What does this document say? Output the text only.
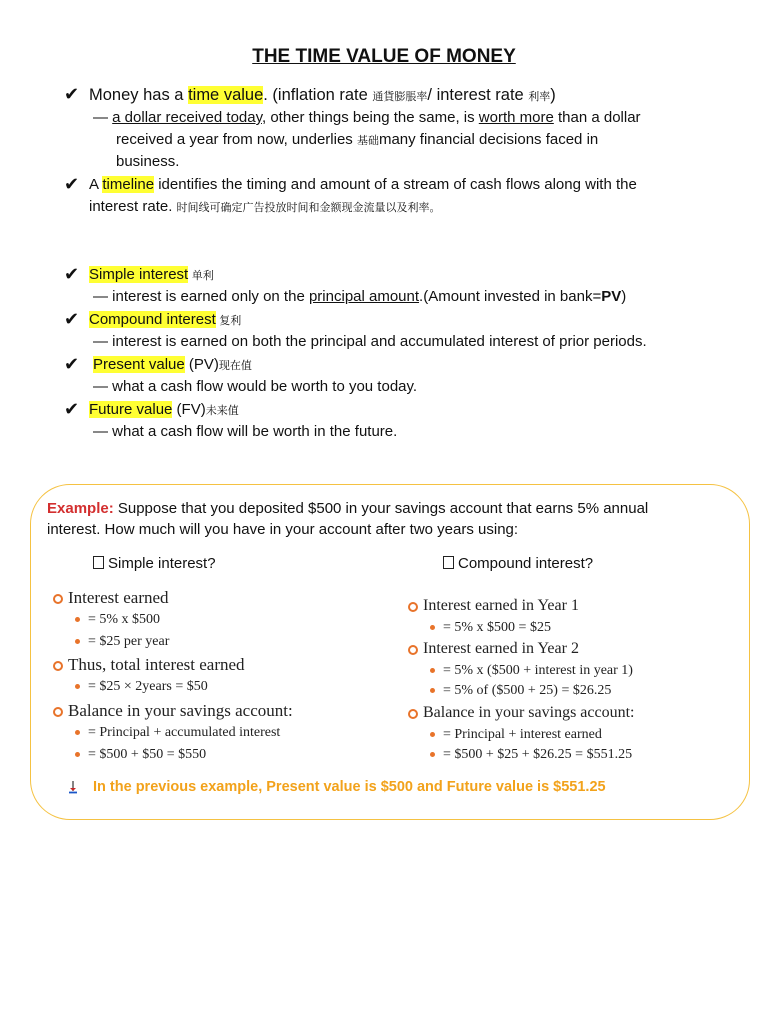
THE TIME VALUE OF MONEY
✔ Money has a time value. (inflation rate 通貨膨脹率/ interest rate 利率)
— a dollar received today, other things being the same, is worth more than a dollar
received a year from now, underlies 基础many financial decisions faced in
business.
✔ A timeline identifies the timing and amount of a stream of cash flows along with the
interest rate. 时间线可确定广告投放时间和金额现金流量以及利率。
✔ Simple interest 单利
— interest is earned only on the principal amount.(Amount invested in bank=PV)
✔ Compound interest 复利
— interest is earned on both the principal and accumulated interest of prior periods.
✔ Present value (PV)现在值
— what a cash flow would be worth to you today.
✔ Future value (FV)未来值
— what a cash flow will be worth in the future.
Example: Suppose that you deposited $500 in your savings account that earns 5% annual
interest. How much will you have in your account after two years using:
Simple interest?	Compound interest?
Interest earned
= 5% x $500
= $25 per year
Thus, total interest earned
= $25 × 2years = $50
Balance in your savings account:
= Principal + accumulated interest
= $500 + $50 = $550
Interest earned in Year 1
= 5% x $500 = $25
Interest earned in Year 2
= 5% x ($500 + interest in year 1)
= 5% of ($500 + 25) = $26.25
Balance in your savings account:
= Principal + interest earned
= $500 + $25 + $26.25 = $551.25
In the previous example, Present value is $500 and Future value is $551.25
